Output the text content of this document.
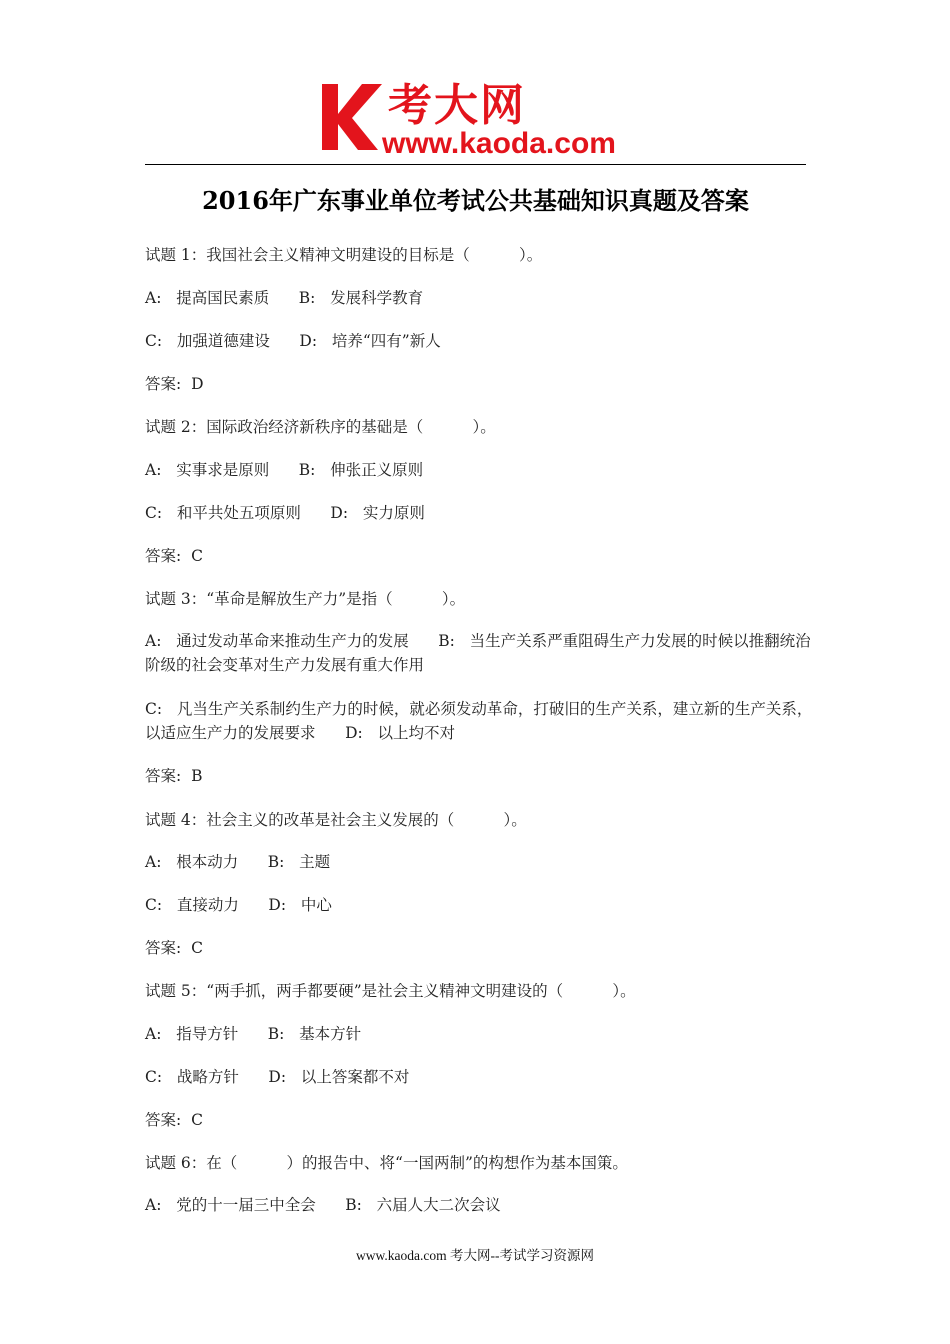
考大网
www.kaoda.com
2016年广东事业单位考试公共基础知识真题及答案
试题 1：我国社会主义精神文明建设的目标是（          ）。
A:   提高国民素质      B:   发展科学教育
C:   加强道德建设      D:   培养“四有”新人
答案:  D
试题 2：国际政治经济新秩序的基础是（          ）。
A:   实事求是原则      B:   伸张正义原则
C:   和平共处五项原则      D:   实力原则
答案:  C
试题 3：“革命是解放生产力”是指（          ）。
A:   通过发动革命来推动生产力的发展      B:   当生产关系严重阻碍生产力发展的时候以推翻统治阶级的社会变革对生产力发展有重大作用
C:   凡当生产关系制约生产力的时候，就必须发动革命，打破旧的生产关系，建立新的生产关系，以适应生产力的发展要求      D:   以上均不对
答案:  B
试题 4：社会主义的改革是社会主义发展的（          ）。
A:   根本动力      B:   主题
C:   直接动力      D:   中心
答案:  C
试题 5：“两手抓，两手都要硬”是社会主义精神文明建设的（          ）。
A:   指导方针      B:   基本方针
C:   战略方针      D:   以上答案都不对
答案:  C
试题 6：在（          ）的报告中、将“一国两制”的构想作为基本国策。
A:   党的十一届三中全会      B:   六届人大二次会议
www.kaoda.com 考大网--考试学习资源网
